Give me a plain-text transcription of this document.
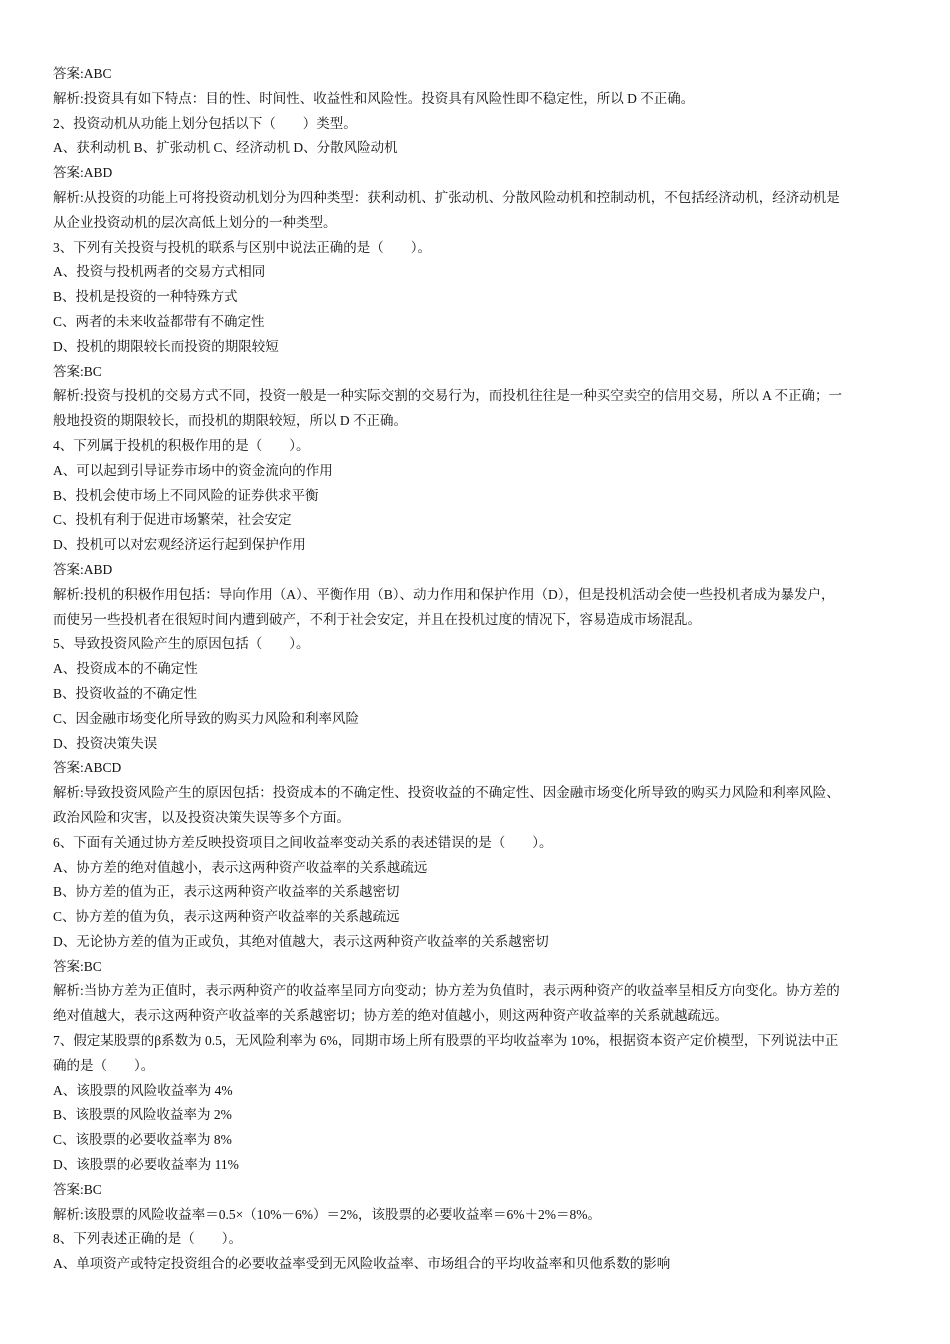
答案:ABC
解析:投资具有如下特点：目的性、时间性、收益性和风险性。投资具有风险性即不稳定性，所以 D 不正确。
2、投资动机从功能上划分包括以下（　　）类型。
A、获利动机 B、扩张动机 C、经济动机 D、分散风险动机
答案:ABD
解析:从投资的功能上可将投资动机划分为四种类型：获利动机、扩张动机、分散风险动机和控制动机，不包括经济动机，经济动机是
从企业投资动机的层次高低上划分的一种类型。
3、下列有关投资与投机的联系与区别中说法正确的是（　　）。
A、投资与投机两者的交易方式相同
B、投机是投资的一种特殊方式
C、两者的未来收益都带有不确定性
D、投机的期限较长而投资的期限较短
答案:BC
解析:投资与投机的交易方式不同，投资一般是一种实际交割的交易行为，而投机往往是一种买空卖空的信用交易，所以 A 不正确；一
般地投资的期限较长，而投机的期限较短，所以 D 不正确。
4、下列属于投机的积极作用的是（　　）。
A、可以起到引导证券市场中的资金流向的作用
B、投机会使市场上不同风险的证券供求平衡
C、投机有利于促进市场繁荣，社会安定
D、投机可以对宏观经济运行起到保护作用
答案:ABD
解析:投机的积极作用包括：导向作用（A）、平衡作用（B）、动力作用和保护作用（D），但是投机活动会使一些投机者成为暴发户，
而使另一些投机者在很短时间内遭到破产，不利于社会安定，并且在投机过度的情况下，容易造成市场混乱。
5、导致投资风险产生的原因包括（　　）。
A、投资成本的不确定性
B、投资收益的不确定性
C、因金融市场变化所导致的购买力风险和利率风险
D、投资决策失误
答案:ABCD
解析:导致投资风险产生的原因包括：投资成本的不确定性、投资收益的不确定性、因金融市场变化所导致的购买力风险和利率风险、
政治风险和灾害，以及投资决策失误等多个方面。
6、下面有关通过协方差反映投资项目之间收益率变动关系的表述错误的是（　　）。
A、协方差的绝对值越小，表示这两种资产收益率的关系越疏远
B、协方差的值为正，表示这两种资产收益率的关系越密切
C、协方差的值为负，表示这两种资产收益率的关系越疏远
D、无论协方差的值为正或负，其绝对值越大，表示这两种资产收益率的关系越密切
答案:BC
解析:当协方差为正值时，表示两种资产的收益率呈同方向变动；协方差为负值时，表示两种资产的收益率呈相反方向变化。协方差的
绝对值越大，表示这两种资产收益率的关系越密切；协方差的绝对值越小，则这两种资产收益率的关系就越疏远。
7、假定某股票的β系数为 0.5，无风险利率为 6%，同期市场上所有股票的平均收益率为 10%，根据资本资产定价模型，下列说法中正
确的是（　　）。
A、该股票的风险收益率为 4%
B、该股票的风险收益率为 2%
C、该股票的必要收益率为 8%
D、该股票的必要收益率为 11%
答案:BC
解析:该股票的风险收益率＝0.5×（10%－6%）＝2%，该股票的必要收益率＝6%＋2%＝8%。
8、下列表述正确的是（　　）。
A、单项资产或特定投资组合的必要收益率受到无风险收益率、市场组合的平均收益率和贝他系数的影响
